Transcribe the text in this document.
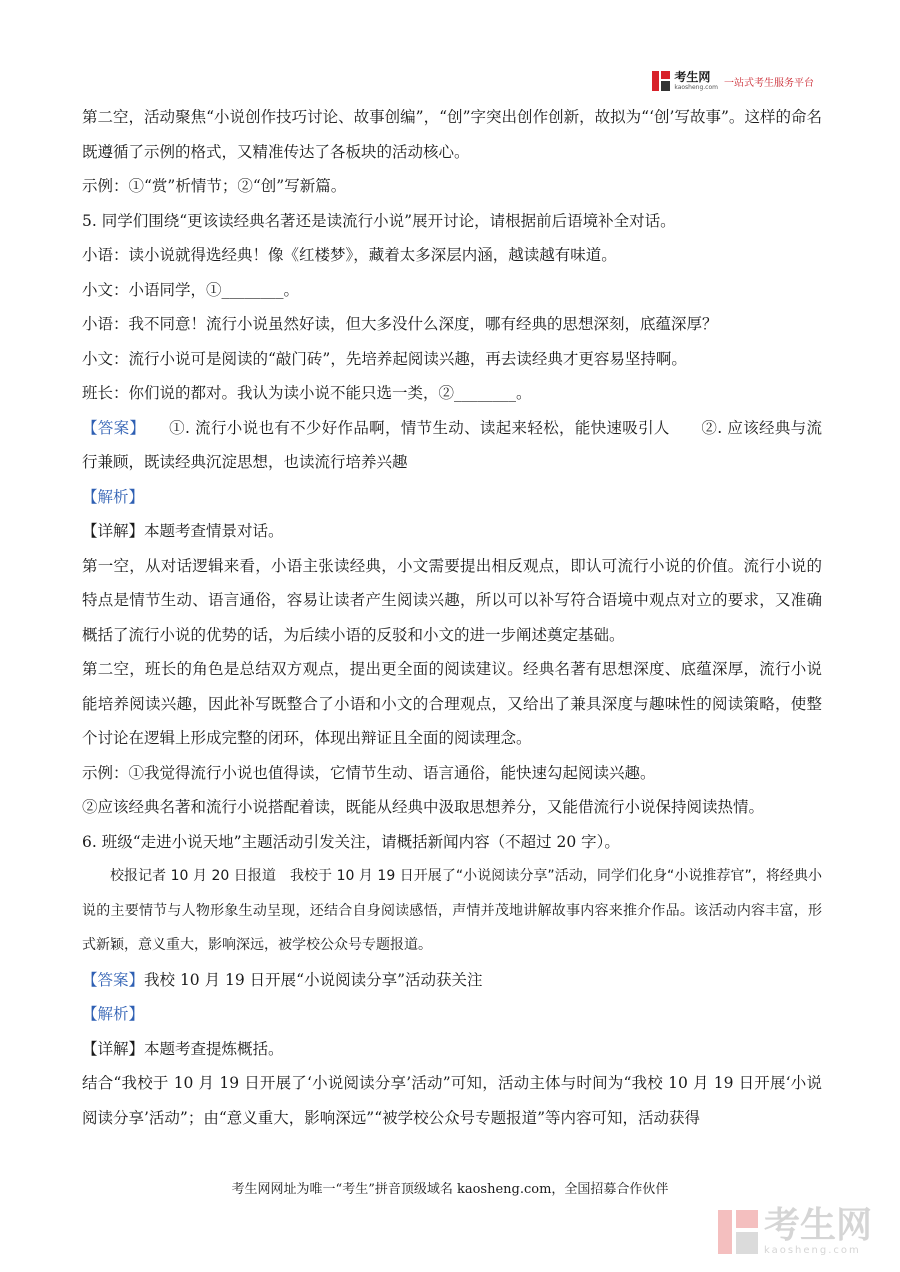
考生网
kaosheng.com 一站式考生服务平台

第二空，活动聚焦“小说创作技巧讨论、故事创编”，“创”字突出创作创新，故拟为“‘创’写故事”。这样的命名既遵循了示例的格式，又精准传达了各板块的活动核心。

示例：①“赏”析情节；②“创”写新篇。

5. 同学们围绕“更该读经典名著还是读流行小说”展开讨论，请根据前后语境补全对话。

小语：读小说就得选经典！像《红楼梦》，藏着太多深层内涵，越读越有味道。

小文：小语同学，①________。

小语：我不同意！流行小说虽然好读，但大多没什么深度，哪有经典的思想深刻，底蕴深厚？

小文：流行小说可是阅读的“敲门砖”，先培养起阅读兴趣，再去读经典才更容易坚持啊。

班长：你们说的都对。我认为读小说不能只选一类，②________。

【答案】　　①. 流行小说也有不少好作品啊，情节生动、读起来轻松，能快速吸引人　　②. 应该经典与流行兼顾，既读经典沉淀思想，也读流行培养兴趣

【解析】

【详解】本题考查情景对话。

第一空，从对话逻辑来看，小语主张读经典，小文需要提出相反观点，即认可流行小说的价值。流行小说的特点是情节生动、语言通俗，容易让读者产生阅读兴趣，所以可以补写符合语境中观点对立的要求，又准确概括了流行小说的优势的话，为后续小语的反驳和小文的进一步阐述奠定基础。

第二空，班长的角色是总结双方观点，提出更全面的阅读建议。经典名著有思想深度、底蕴深厚，流行小说能培养阅读兴趣，因此补写既整合了小语和小文的合理观点，又给出了兼具深度与趣味性的阅读策略，使整个讨论在逻辑上形成完整的闭环，体现出辩证且全面的阅读理念。

示例：①我觉得流行小说也值得读，它情节生动、语言通俗，能快速勾起阅读兴趣。

②应该经典名著和流行小说搭配着读，既能从经典中汲取思想养分，又能借流行小说保持阅读热情。

6. 班级“走进小说天地”主题活动引发关注，请概括新闻内容（不超过 20 字）。

校报记者 10 月 20 日报道　我校于 10 月 19 日开展了“小说阅读分享”活动，同学们化身“小说推荐官”，将经典小说的主要情节与人物形象生动呈现，还结合自身阅读感悟，声情并茂地讲解故事内容来推介作品。该活动内容丰富，形式新颖，意义重大，影响深远，被学校公众号专题报道。

【答案】我校 10 月 19 日开展“小说阅读分享”活动获关注

【解析】

【详解】本题考查提炼概括。

结合“我校于 10 月 19 日开展了‘小说阅读分享’活动”可知，活动主体与时间为“我校 10 月 19 日开展‘小说阅读分享’活动”；由“意义重大，影响深远”“被学校公众号专题报道”等内容可知，活动获得

考生网网址为唯一“考生”拼音顶级域名 kaosheng.com，全国招募合作伙伴
考生网
kaosheng.com
